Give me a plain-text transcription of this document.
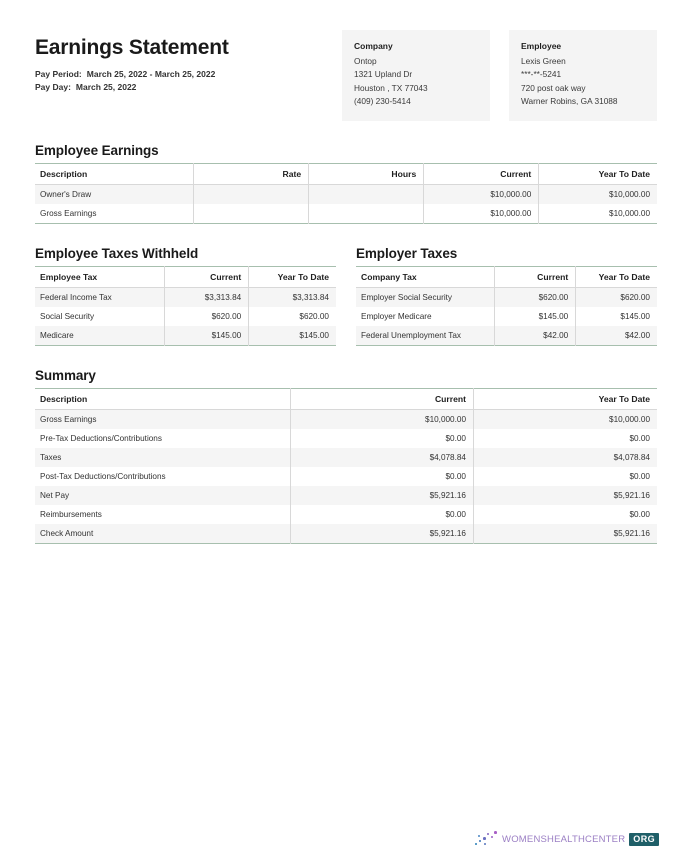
Earnings Statement
Pay Period: March 25, 2022 - March 25, 2022
Pay Day: March 25, 2022
Company
Ontop
1321 Upland Dr
Houston , TX 77043
(409) 230-5414
Employee
Lexis Green
***-**-5241
720 post oak way
Warner Robins, GA 31088
Employee Earnings
Description	Rate	Hours	Current	Year To Date
Owner's Draw			$10,000.00	$10,000.00
Gross Earnings			$10,000.00	$10,000.00
Employee Taxes Withheld
Employee Tax	Current	Year To Date
Federal Income Tax	$3,313.84	$3,313.84
Social Security	$620.00	$620.00
Medicare	$145.00	$145.00
Employer Taxes
Company Tax	Current	Year To Date
Employer Social Security	$620.00	$620.00
Employer Medicare	$145.00	$145.00
Federal Unemployment Tax	$42.00	$42.00
Summary
Description	Current	Year To Date
Gross Earnings	$10,000.00	$10,000.00
Pre-Tax Deductions/Contributions	$0.00	$0.00
Taxes	$4,078.84	$4,078.84
Post-Tax Deductions/Contributions	$0.00	$0.00
Net Pay	$5,921.16	$5,921.16
Reimbursements	$0.00	$0.00
Check Amount	$5,921.16	$5,921.16
WOMENSHEALTHCENTER ORG
